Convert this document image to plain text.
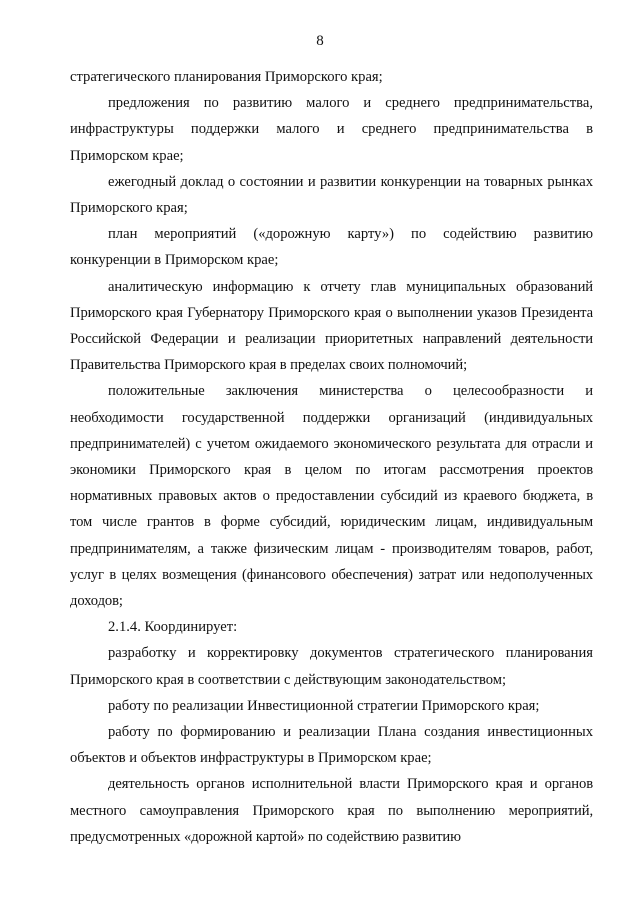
8

стратегического планирования Приморского края;

предложения по развитию малого и среднего предпринимательства, инфраструктуры поддержки малого и среднего предпринимательства в Приморском крае;

ежегодный доклад о состоянии и развитии конкуренции на товарных рынках Приморского края;

план мероприятий («дорожную карту») по содействию развитию конкуренции в Приморском крае;

аналитическую информацию к отчету глав муниципальных образований Приморского края Губернатору Приморского края о выполнении указов Президента Российской Федерации и реализации приоритетных направлений деятельности Правительства Приморского края в пределах своих полномочий;

положительные заключения министерства о целесообразности и необходимости государственной поддержки организаций (индивидуальных предпринимателей) с учетом ожидаемого экономического результата для отрасли и экономики Приморского края в целом по итогам рассмотрения проектов нормативных правовых актов о предоставлении субсидий из краевого бюджета, в том числе грантов в форме субсидий, юридическим лицам, индивидуальным предпринимателям, а также физическим лицам - производителям товаров, работ, услуг в целях возмещения (финансового обеспечения) затрат или недополученных доходов;

2.1.4. Координирует:

разработку и корректировку документов стратегического планирования Приморского края в соответствии с действующим законодательством;

работу по реализации Инвестиционной стратегии Приморского края;

работу по формированию и реализации Плана создания инвестиционных объектов и объектов инфраструктуры в Приморском крае;

деятельность органов исполнительной власти Приморского края и органов местного самоуправления Приморского края по выполнению мероприятий, предусмотренных «дорожной картой» по содействию развитию
